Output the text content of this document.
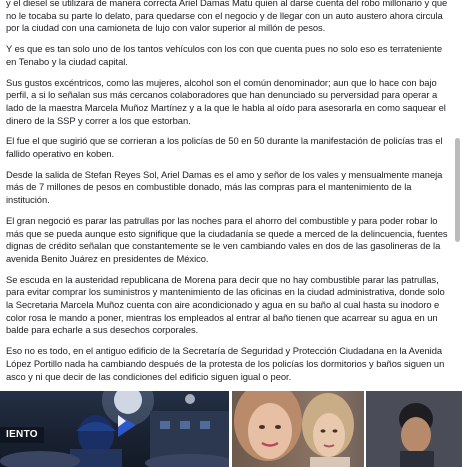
y el diesel se utilizara de manera correcta Ariel Damas Matu quien al darse cuenta del robo millonario y que no le tocaba su parte lo delato, para quedarse con el negocio y de llegar con un auto austero ahora circula por la ciudad con una camioneta de lujo con valor superior al millón de pesos.

Y es que es tan solo uno de los tantos vehículos con los con que cuenta pues no solo eso es terrateniente en Tenabo y la ciudad capital.

Sus gustos excéntricos, como las mujeres, alcohol son el común denominador; aun que lo hace con bajo perfil, a si lo señalan sus más cercanos colaboradores que han denunciado su perversidad para operar a lado de la maestra Marcela Muñoz Martínez y a la que le habla al oído para asesorarla en como saquear el dinero de la SSP y correr a los que estorban.

El fue el que sugirió que se corrieran a los policías de 50 en 50 durante la manifestación de policías tras el fallido operativo en koben.

Desde la salida de Stefan Reyes Sol, Ariel Damas es el amo y señor de los vales y mensualmente maneja más de 7 millones de pesos en combustible donado, más las compras para el mantenimiento de la institución.

El gran negoció es parar las patrullas por las noches para el ahorro del combustible y para poder robar lo más que se pueda aunque esto signifique que la ciudadanía se quede a merced de la delincuencia, fuentes dignas de crédito señalan que constantemente se le ven cambiando vales en dos de las gasolineras de la avenida Benito Juárez en presidentes de México.

Se escuda en la austeridad republicana de Morena para decir que no hay combustible parar las patrullas, para evitar comprar los suministros y mantenimiento de las oficinas en la ciudad administrativa, donde solo la Secretaria Marcela Muñoz cuenta con aire acondicionado y agua en su baño al cual hasta su inodoro e color rosa le mando a poner, mientras los empleados al entrar al baño tienen que acarrear su agua en un balde para echarle a sus desechos corporales.

Eso no es todo, en el antiguo edificio de la Secretaría de Seguridad y Protección Ciudadana en la Avenida López Portillo nada ha cambiando después de la protesta de los policías los dormitorios y baños siguen un asco y ni que decir de las condiciones del edificio siguen igual o peor.

IENTO
